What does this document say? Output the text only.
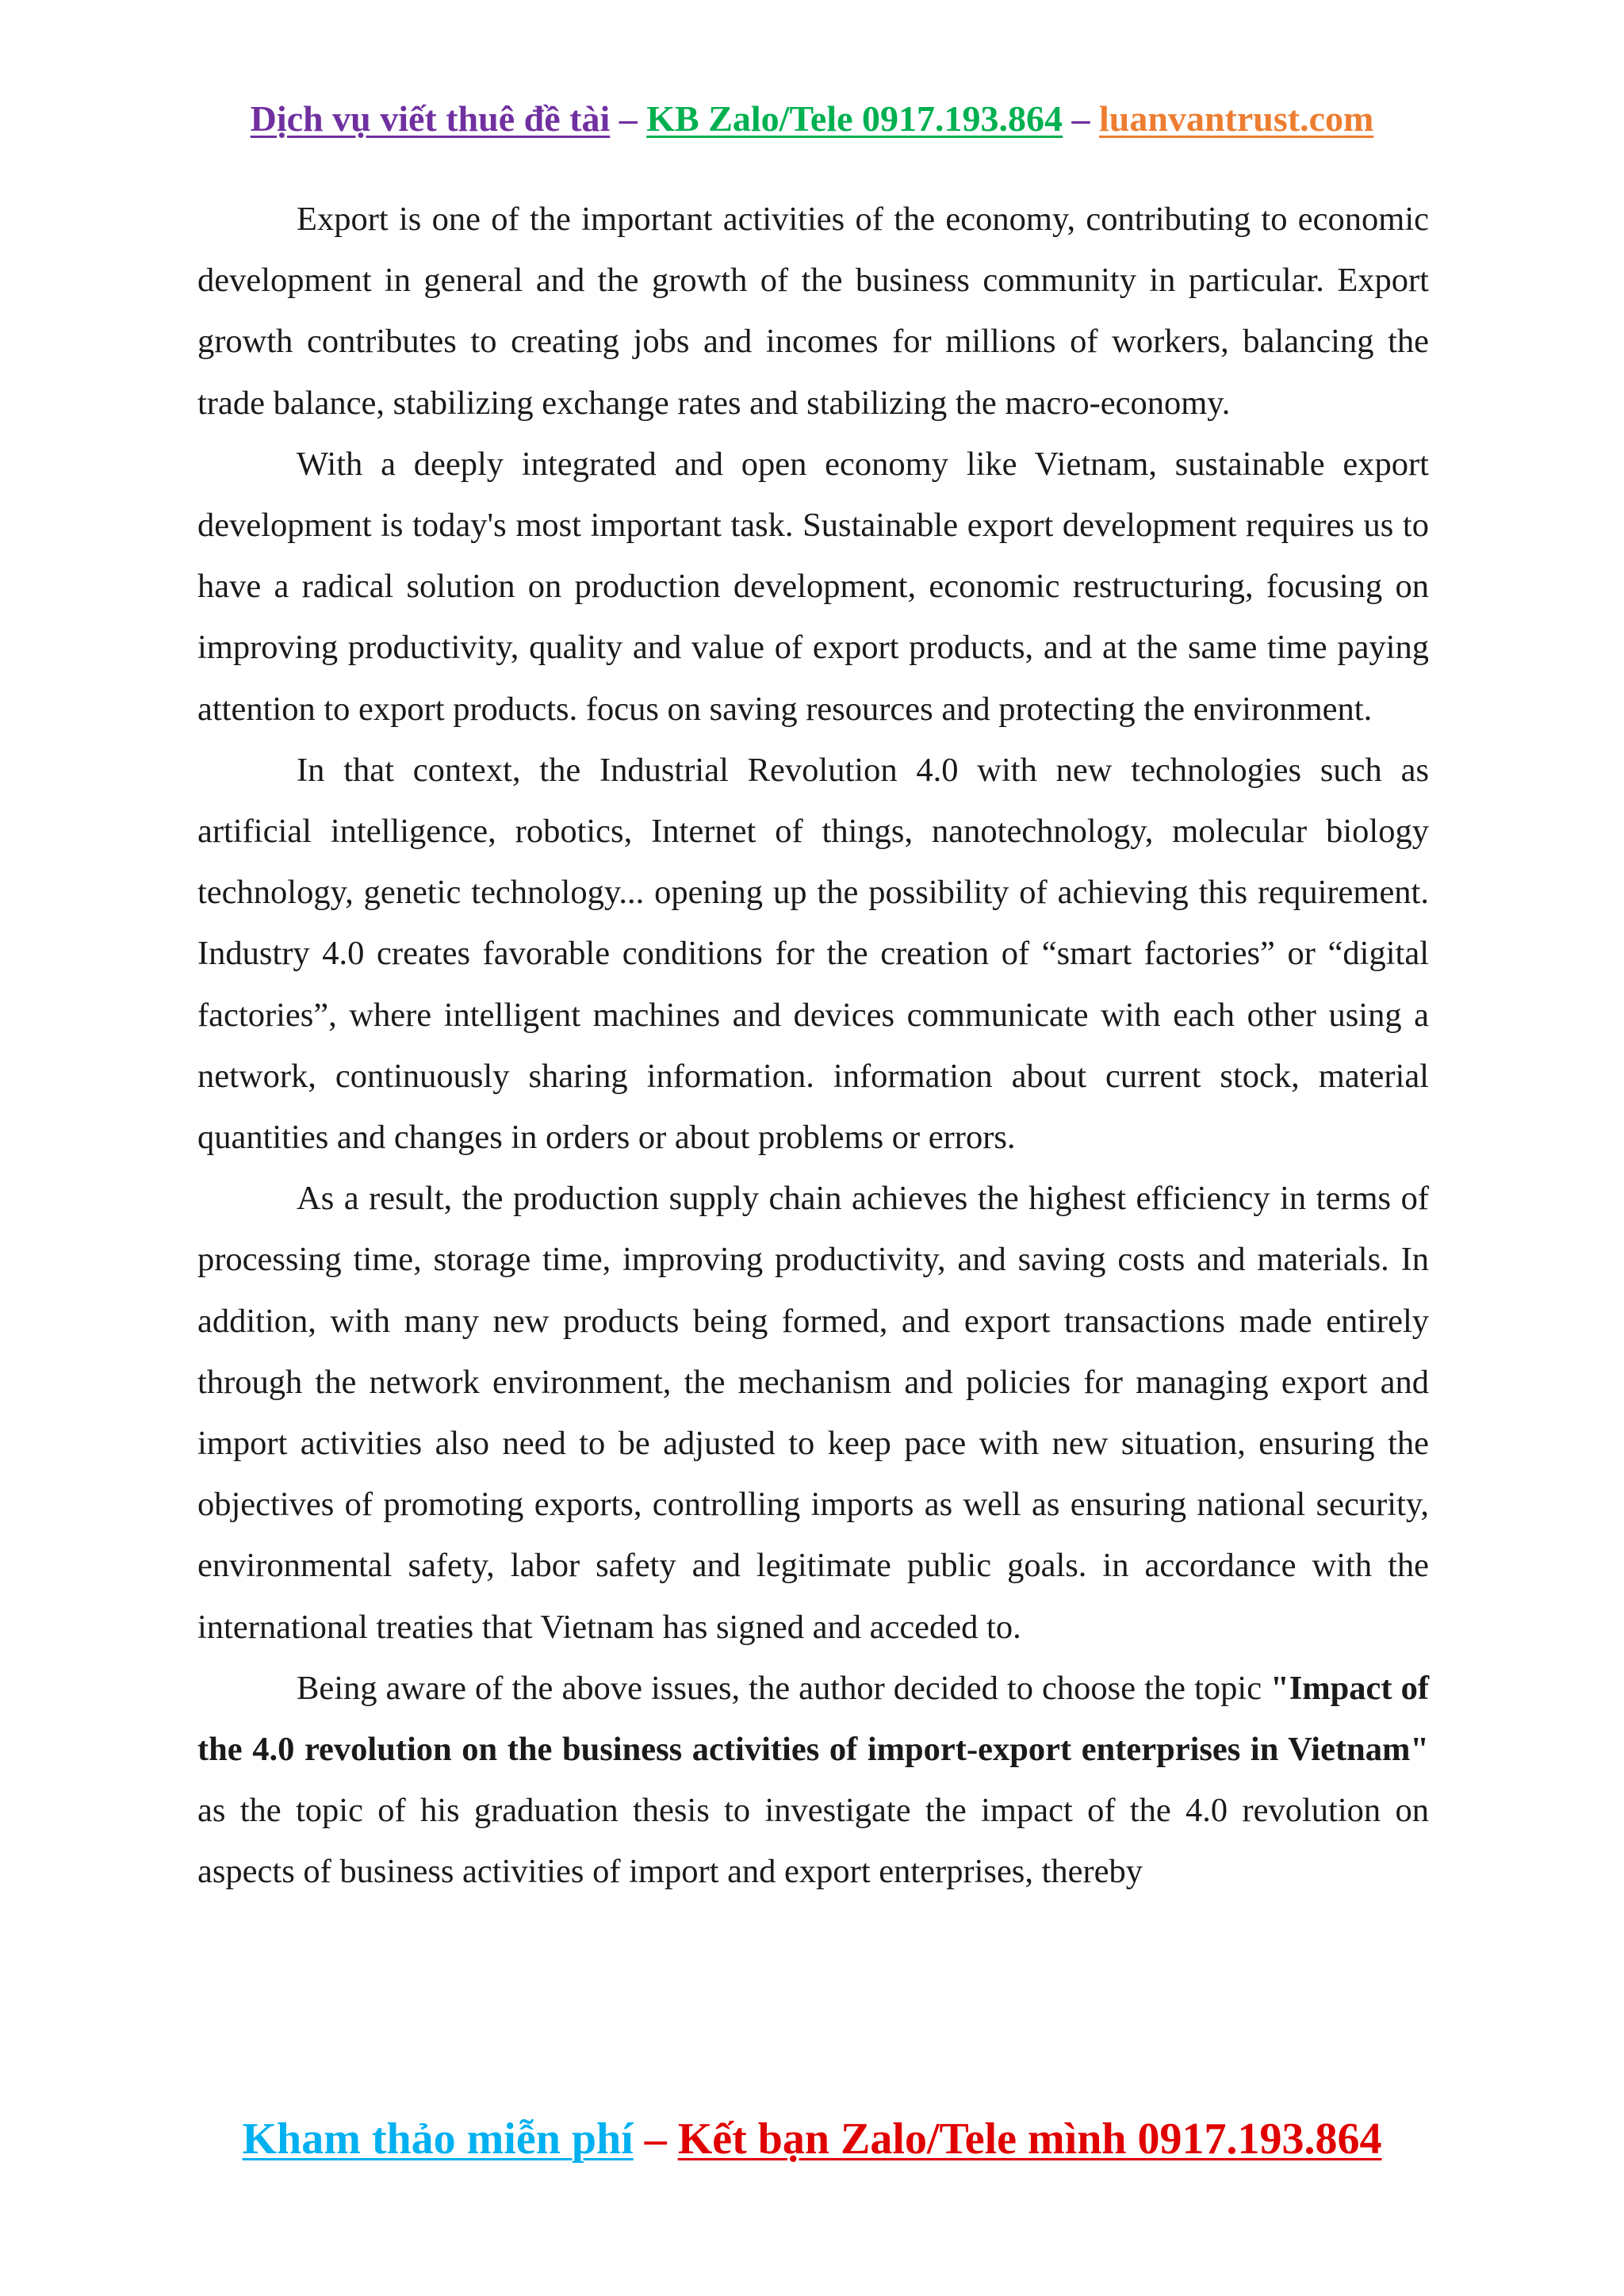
Dịch vụ viết thuê đề tài – KB Zalo/Tele 0917.193.864 – luanvantrust.com

Export is one of the important activities of the economy, contributing to economic development in general and the growth of the business community in particular. Export growth contributes to creating jobs and incomes for millions of workers, balancing the trade balance, stabilizing exchange rates and stabilizing the macro-economy.

With a deeply integrated and open economy like Vietnam, sustainable export development is today's most important task. Sustainable export development requires us to have a radical solution on production development, economic restructuring, focusing on improving productivity, quality and value of export products, and at the same time paying attention to export products. focus on saving resources and protecting the environment.

In that context, the Industrial Revolution 4.0 with new technologies such as artificial intelligence, robotics, Internet of things, nanotechnology, molecular biology technology, genetic technology... opening up the possibility of achieving this requirement. Industry 4.0 creates favorable conditions for the creation of “smart factories” or “digital factories”, where intelligent machines and devices communicate with each other using a network, continuously sharing information. information about current stock, material quantities and changes in orders or about problems or errors.

As a result, the production supply chain achieves the highest efficiency in terms of processing time, storage time, improving productivity, and saving costs and materials. In addition, with many new products being formed, and export transactions made entirely through the network environment, the mechanism and policies for managing export and import activities also need to be adjusted to keep pace with new situation, ensuring the objectives of promoting exports, controlling imports as well as ensuring national security, environmental safety, labor safety and legitimate public goals. in accordance with the international treaties that Vietnam has signed and acceded to.

Being aware of the above issues, the author decided to choose the topic "Impact of the 4.0 revolution on the business activities of import-export enterprises in Vietnam" as the topic of his graduation thesis to investigate the impact of the 4.0 revolution on aspects of business activities of import and export enterprises, thereby

Kham thảo miễn phí – Kết bạn Zalo/Tele mình 0917.193.864
